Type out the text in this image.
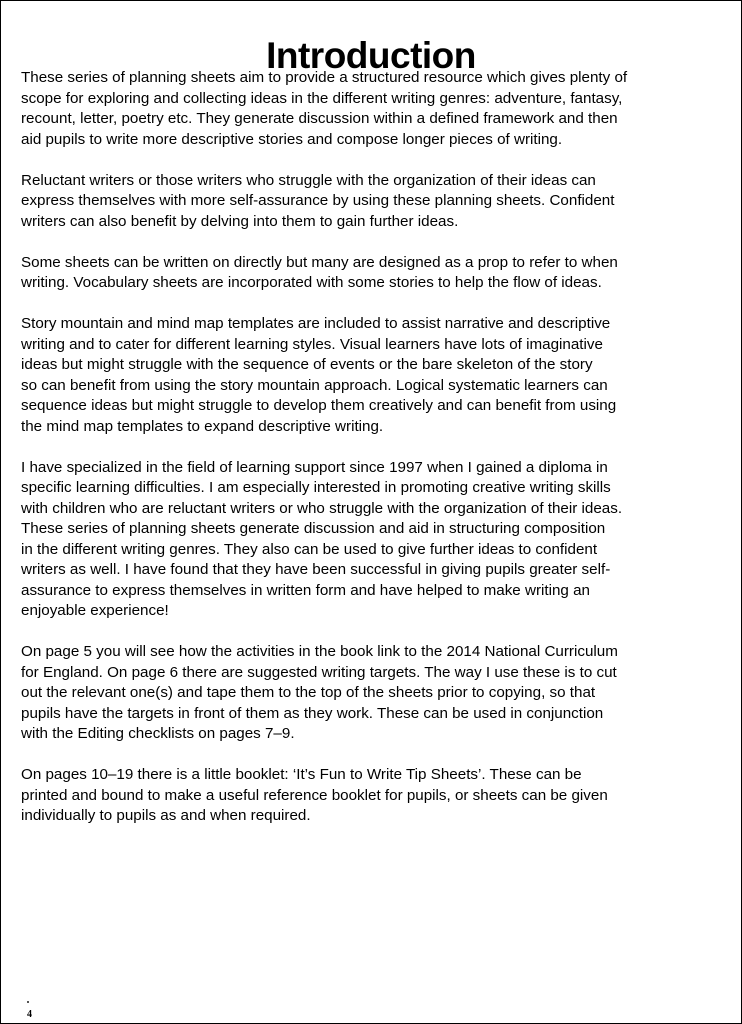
Introduction

These series of planning sheets aim to provide a structured resource which gives plenty of
scope for exploring and collecting ideas in the different writing genres: adventure, fantasy,
recount, letter, poetry etc. They generate discussion within a defined framework and then
aid pupils to write more descriptive stories and compose longer pieces of writing.

Reluctant writers or those writers who struggle with the organization of their ideas can
express themselves with more self-assurance by using these planning sheets. Confident
writers can also benefit by delving into them to gain further ideas.

Some sheets can be written on directly but many are designed as a prop to refer to when
writing. Vocabulary sheets are incorporated with some stories to help the flow of ideas.

Story mountain and mind map templates are included to assist narrative and descriptive
writing and to cater for different learning styles. Visual learners have lots of imaginative
ideas but might struggle with the sequence of events or the bare skeleton of the story
so can benefit from using the story mountain approach. Logical systematic learners can
sequence ideas but might struggle to develop them creatively and can benefit from using
the mind map templates to expand descriptive writing.

I have specialized in the field of learning support since 1997 when I gained a diploma in
specific learning difficulties. I am especially interested in promoting creative writing skills
with children who are reluctant writers or who struggle with the organization of their ideas.
These series of planning sheets generate discussion and aid in structuring composition
in the different writing genres. They also can be used to give further ideas to confident
writers as well. I have found that they have been successful in giving pupils greater self-
assurance to express themselves in written form and have helped to make writing an
enjoyable experience!

On page 5 you will see how the activities in the book link to the 2014 National Curriculum
for England. On page 6 there are suggested writing targets. The way I use these is to cut
out the relevant one(s) and tape them to the top of the sheets prior to copying, so that
pupils have the targets in front of them as they work. These can be used in conjunction
with the Editing checklists on pages 7–9.

On pages 10–19 there is a little booklet: ‘It’s Fun to Write Tip Sheets’. These can be
printed and bound to make a useful reference booklet for pupils, or sheets can be given
individually to pupils as and when required.

4
